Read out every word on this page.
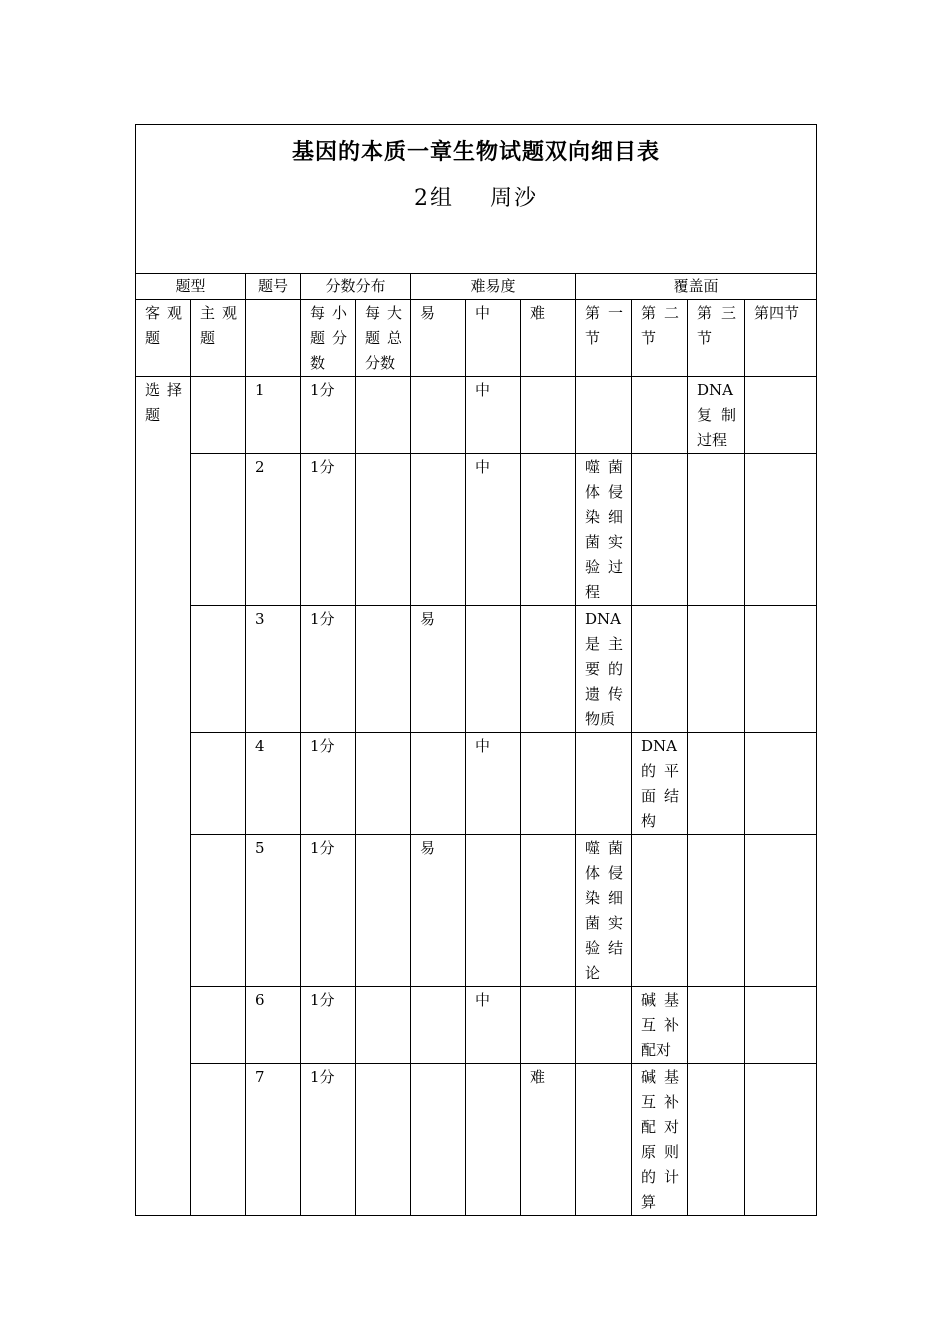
基因的本质一章生物试题双向细目表
2组    周沙											

题型		题号	分数分布		难易度			覆盖面			
客观题	主观题		每小题分数	每大题总分数	易	中	难	第一节	第二节	第三节	第四节
选择题		1	1分			中				DNA复制过程	
		2	1分			中		噬菌体侵染细菌实验过程			
		3	1分		易			DNA是主要的遗传物质			
		4	1分			中			DNA的平面结构		
		5	1分		易			噬菌体侵染细菌实验结论			
		6	1分			中			碱基互补配对		
		7	1分				难		碱基互补配对原则的计算		
